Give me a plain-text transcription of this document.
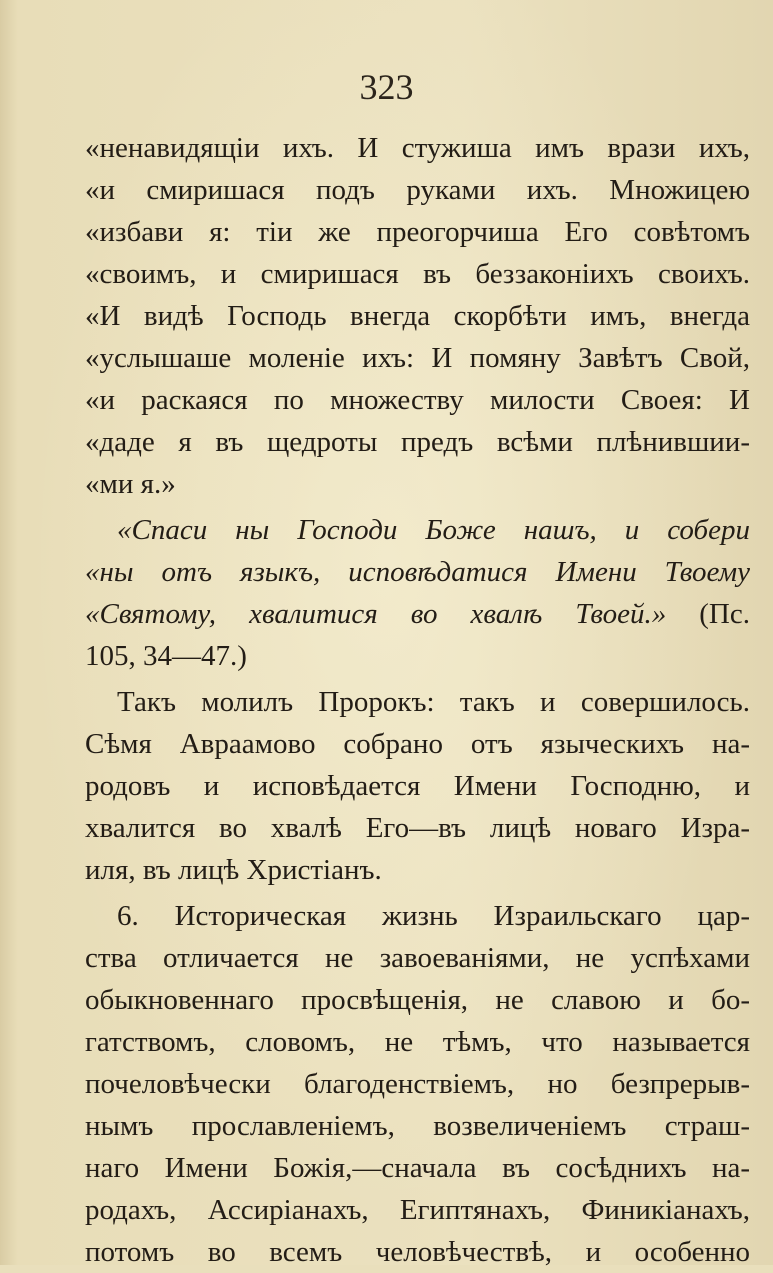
323
«ненавидящіи ихъ. И стужиша имъ врази ихъ,
«и смиришася подъ руками ихъ. Множицею
«избави я: тіи же преогорчиша Его совѣтомъ
«своимъ, и смиришася въ беззаконіихъ своихъ.
«И видѣ Господь внегда скорбѣти имъ, внегда
«услышаше моленіе ихъ: И помяну Завѣтъ Свой,
«и раскаяся по множеству милости Своея: И
«дадe я въ щедроты предъ всѣми плѣнившии-
«ми я.»
«Спаси ны Господи Боже нашъ, и собери
«ны отъ языкъ, исповѣдатися Имени Твоему
«Святому, хвалитися во хвалѣ Твоей.» (Пс.
105, 34—47.)
Такъ молилъ Пророкъ: такъ и совершилось.
Сѣмя Авраамово собрано отъ языческихъ на-
родовъ и исповѣдается Имени Господню, и
хвалится во хвалѣ Его—въ лицѣ новаго Изра-
иля, въ лицѣ Христіанъ.
6. Историческая жизнь Израильскаго цар-
ства отличается не завоеваніями, не успѣхами
обыкновеннаго просвѣщенія, не славою и бо-
гатствомъ, словомъ, не тѣмъ, что называется
почеловѣчески благоденствіемъ, но безпрерыв-
нымъ прославленіемъ, возвеличеніемъ страш-
наго Имени Божія,—сначала въ сосѣднихъ на-
родахъ, Ассиріанахъ, Египтянахъ, Финикіанахъ,
потомъ во всемъ человѣчествѣ, и особенно
